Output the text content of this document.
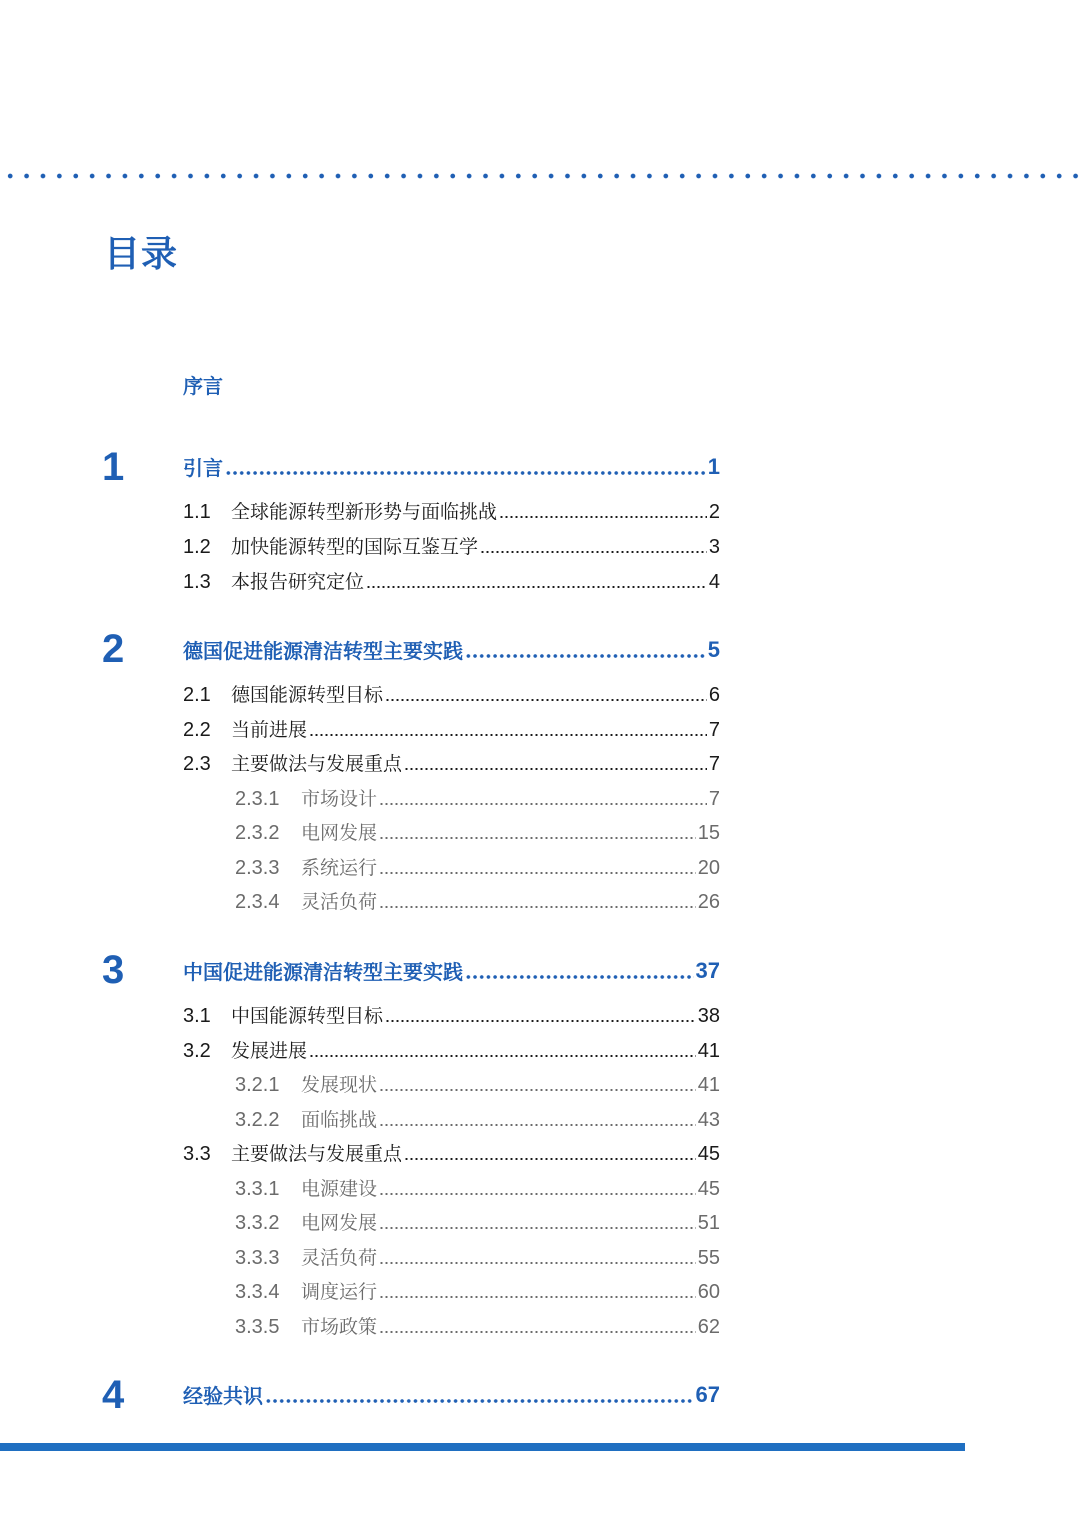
目录
序言
1	引言	1
1.1	全球能源转型新形势与面临挑战	2
1.2	加快能源转型的国际互鉴互学	3
1.3	本报告研究定位	4
2	德国促进能源清洁转型主要实践	5
2.1	德国能源转型目标	6
2.2	当前进展	7
2.3	主要做法与发展重点	7
2.3.1	市场设计	7
2.3.2	电网发展	15
2.3.3	系统运行	20
2.3.4	灵活负荷	26
3	中国促进能源清洁转型主要实践	37
3.1	中国能源转型目标	38
3.2	发展进展	41
3.2.1	发展现状	41
3.2.2	面临挑战	43
3.3	主要做法与发展重点	45
3.3.1	电源建设	45
3.3.2	电网发展	51
3.3.3	灵活负荷	55
3.3.4	调度运行	60
3.3.5	市场政策	62
4	经验共识	67
